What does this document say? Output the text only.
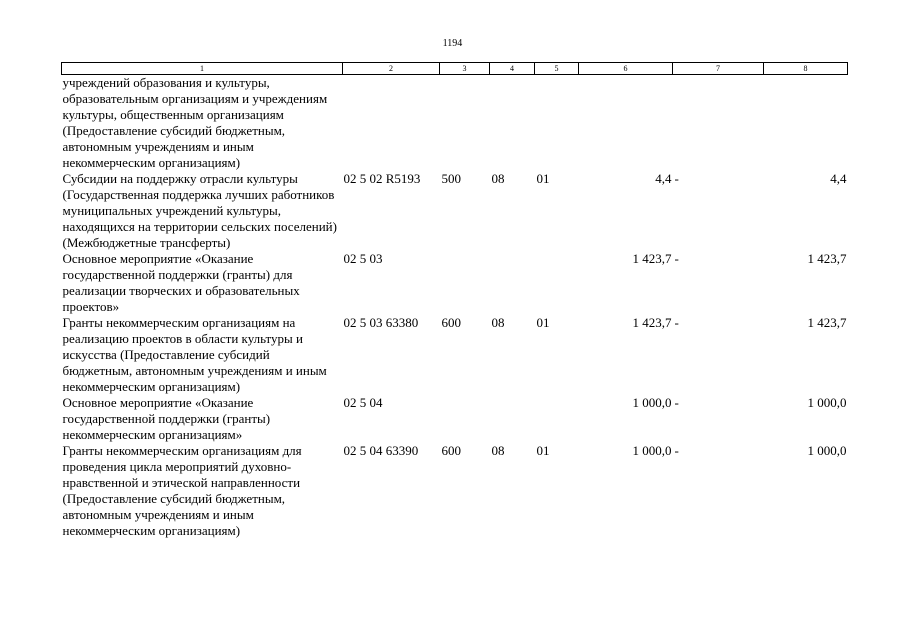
1194
1	2	3	4	5	6	7	8
учреждений образования и культуры, образовательным организациям и учреждениям культуры, общественным организациям (Предоставление субсидий бюджетным, автономным учреждениям и иным некоммерческим организациям)							
Субсидии на поддержку отрасли культуры (Государственная поддержка лучших работников муниципальных учреждений культуры, находящихся на территории сельских поселений) (Межбюджетные трансферты)	02 5 02 R5193	500	08	01	4,4	-	4,4
Основное мероприятие «Оказание государственной поддержки (гранты) для реализации творческих и образовательных проектов»	02 5 03				1 423,7	-	1 423,7
Гранты некоммерческим организациям на реализацию проектов в области культуры и искусства (Предоставление субсидий бюджетным, автономным учреждениям и иным некоммерческим организациям)	02 5 03 63380	600	08	01	1 423,7	-	1 423,7
Основное мероприятие «Оказание государственной поддержки (гранты) некоммерческим организациям»	02 5 04				1 000,0	-	1 000,0
Гранты некоммерческим организациям для проведения цикла мероприятий духовно-нравственной и этической направленности (Предоставление субсидий бюджетным, автономным учреждениям и иным некоммерческим организациям)	02 5 04 63390	600	08	01	1 000,0	-	1 000,0
